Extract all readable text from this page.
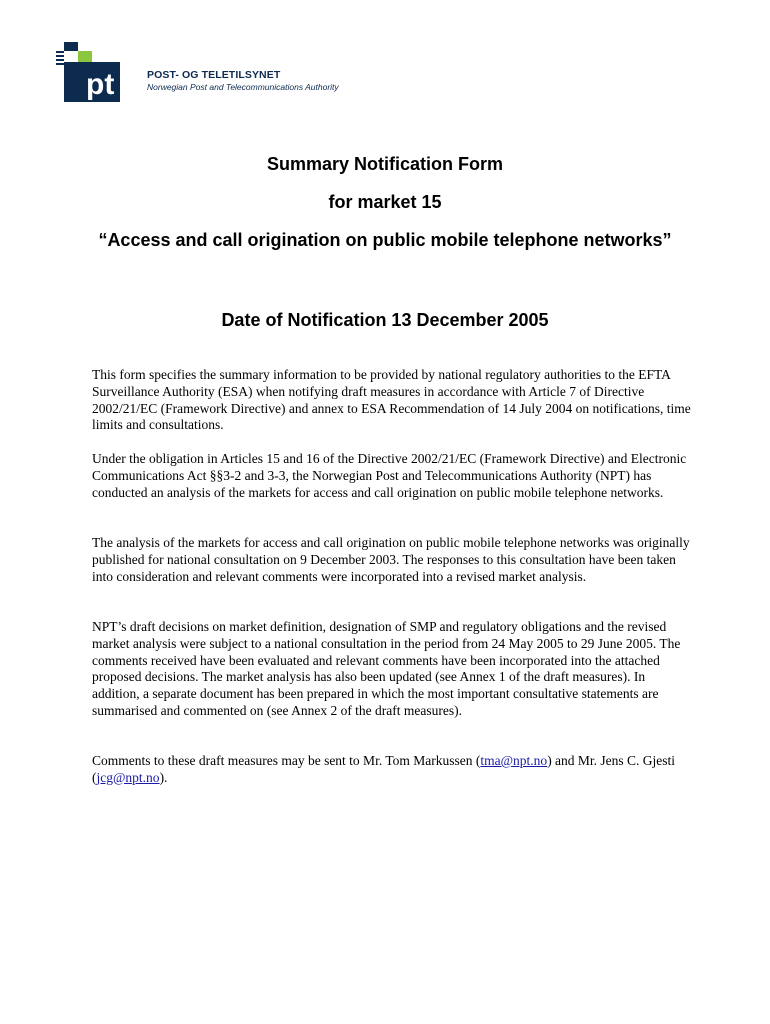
pt	POST- OG TELETILSYNET
Norwegian Post and Telecommunications Authority
Summary Notification Form
for market 15
“Access and call origination on public mobile telephone networks”
Date of Notification 13 December 2005

This form specifies the summary information to be provided by national regulatory authorities to the EFTA Surveillance Authority (ESA) when notifying draft measures in accordance with Article 7 of Directive 2002/21/EC (Framework Directive) and annex to ESA Recommendation of 14 July 2004 on notifications, time limits and consultations.

Under the obligation in Articles 15 and 16 of the Directive 2002/21/EC (Framework Directive) and Electronic Communications Act §§3-2 and 3-3, the Norwegian Post and Telecommunications Authority (NPT) has conducted an analysis of the markets for access and call origination on public mobile telephone networks.

The analysis of the markets for access and call origination on public mobile telephone networks was originally published for national consultation on 9 December 2003. The responses to this consultation have been taken into consideration and relevant comments were incorporated into a revised market analysis.

NPT’s draft decisions on market definition, designation of SMP and regulatory obligations and the revised market analysis were subject to a national consultation in the period from 24 May 2005 to 29 June 2005. The comments received have been evaluated and relevant comments have been incorporated into the attached proposed decisions. The market analysis has also been updated (see Annex 1 of the draft measures). In addition, a separate document has been prepared in which the most important consultative statements are summarised and commented on (see Annex 2 of the draft measures).

Comments to these draft measures may be sent to Mr. Tom Markussen (tma@npt.no) and Mr. Jens C. Gjesti (jcg@npt.no).
